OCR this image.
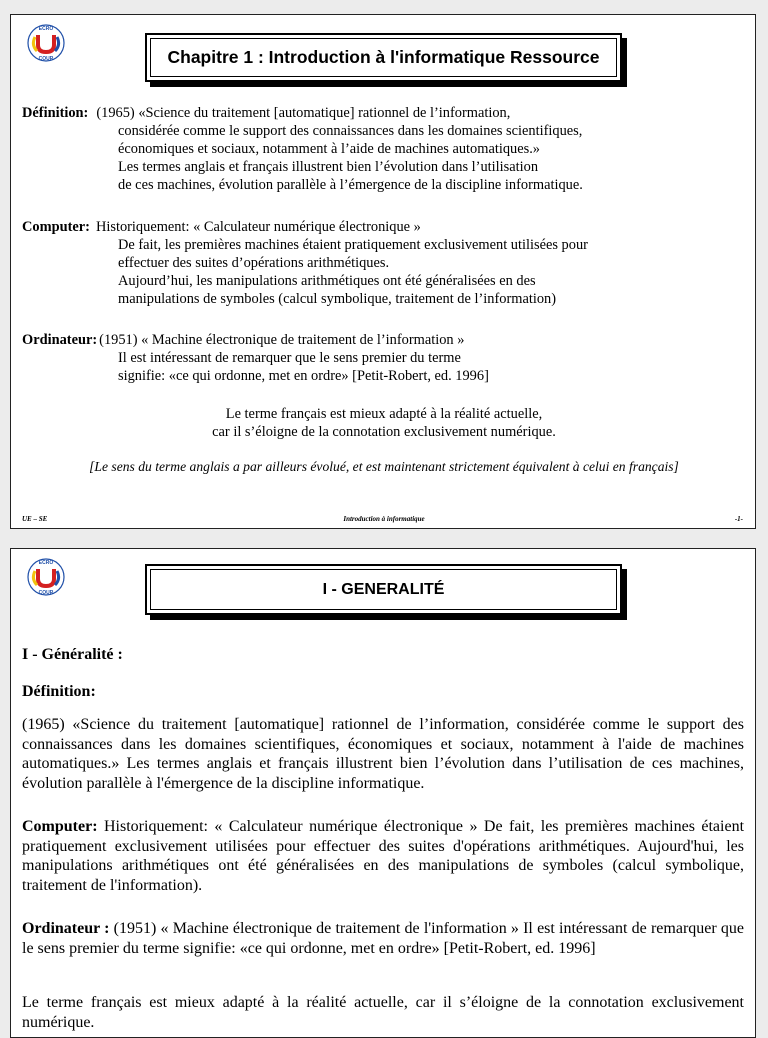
ECRO
COUR	Chapitre 1 : Introduction à l'informatique Ressource
Définition: (1965) «Science du traitement [automatique] rationnel de l’information,
considérée comme le support des connaissances dans les domaines scientifiques,
économiques et sociaux, notamment à l’aide de machines automatiques.»
Les termes anglais et français illustrent bien l’évolution dans l’utilisation
de ces machines, évolution parallèle à l’émergence de la discipline informatique.
Computer: Historiquement: « Calculateur numérique électronique »
De fait, les premières machines étaient pratiquement exclusivement utilisées pour
effectuer des suites d’opérations arithmétiques.
Aujourd’hui, les manipulations arithmétiques ont été généralisées en des
manipulations de symboles (calcul symbolique, traitement de l’information)
Ordinateur: (1951) « Machine électronique de traitement de l’information »
Il est intéressant de remarquer que le sens premier du terme
signifie: «ce qui ordonne, met en ordre» [Petit-Robert, ed. 1996]
Le terme français est mieux adapté à la réalité actuelle,
car il s’éloigne de la connotation exclusivement numérique.
[Le sens du terme anglais a par ailleurs évolué, et est maintenant strictement équivalent à celui en français]
UE – SE	Introduction à informatique	-1-
ECRO
COUR	I - GENERALITÉ
I - Généralité :
Définition:
(1965) «Science du traitement [automatique] rationnel de l’information, considérée comme le support des connaissances dans les domaines scientifiques, économiques et sociaux, notamment à l'aide de machines automatiques.» Les termes anglais et français illustrent bien l’évolution dans l’utilisation de ces machines, évolution parallèle à l'émergence de la discipline informatique.
Computer: Historiquement: « Calculateur numérique électronique » De fait, les premières machines étaient pratiquement exclusivement utilisées pour effectuer des suites d'opérations arithmétiques. Aujourd'hui, les manipulations arithmétiques ont été généralisées en des manipulations de symboles (calcul symbolique, traitement de l'information).
Ordinateur : (1951) « Machine électronique de traitement de l'information » Il est intéressant de remarquer que le sens premier du terme signifie: «ce qui ordonne, met en ordre» [Petit-Robert, ed. 1996]
Le terme français est mieux adapté à la réalité actuelle, car il s’éloigne de la connotation exclusivement numérique.
